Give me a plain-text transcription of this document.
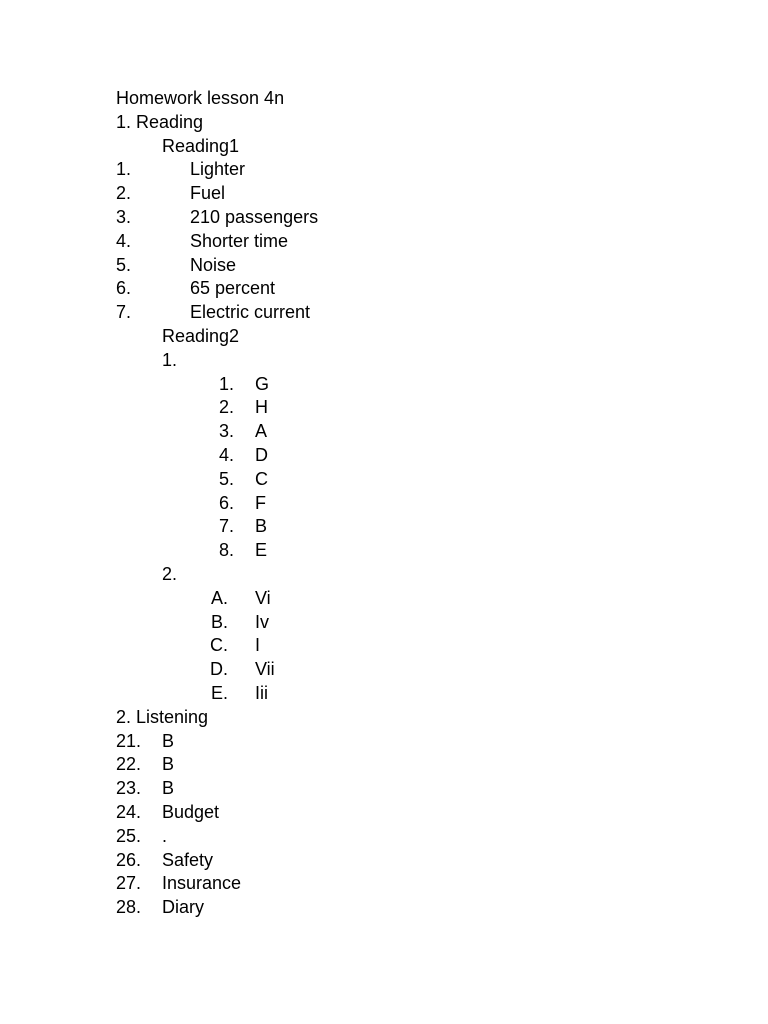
Homework lesson 4n
1. Reading
Reading1
1.	Lighter
2.	Fuel
3.	210 passengers
4.	Shorter time
5.	Noise
6.	65 percent
7.	Electric current
Reading2
1.
1. G
2. H
3. A
4. D
5. C
6. F
7. B
8. E
2.
A. Vi
B. Iv
C. I
D. Vii
E. Iii
2. Listening
21. B
22. B
23. B
24. Budget
25. .
26. Safety
27. Insurance
28. Diary
